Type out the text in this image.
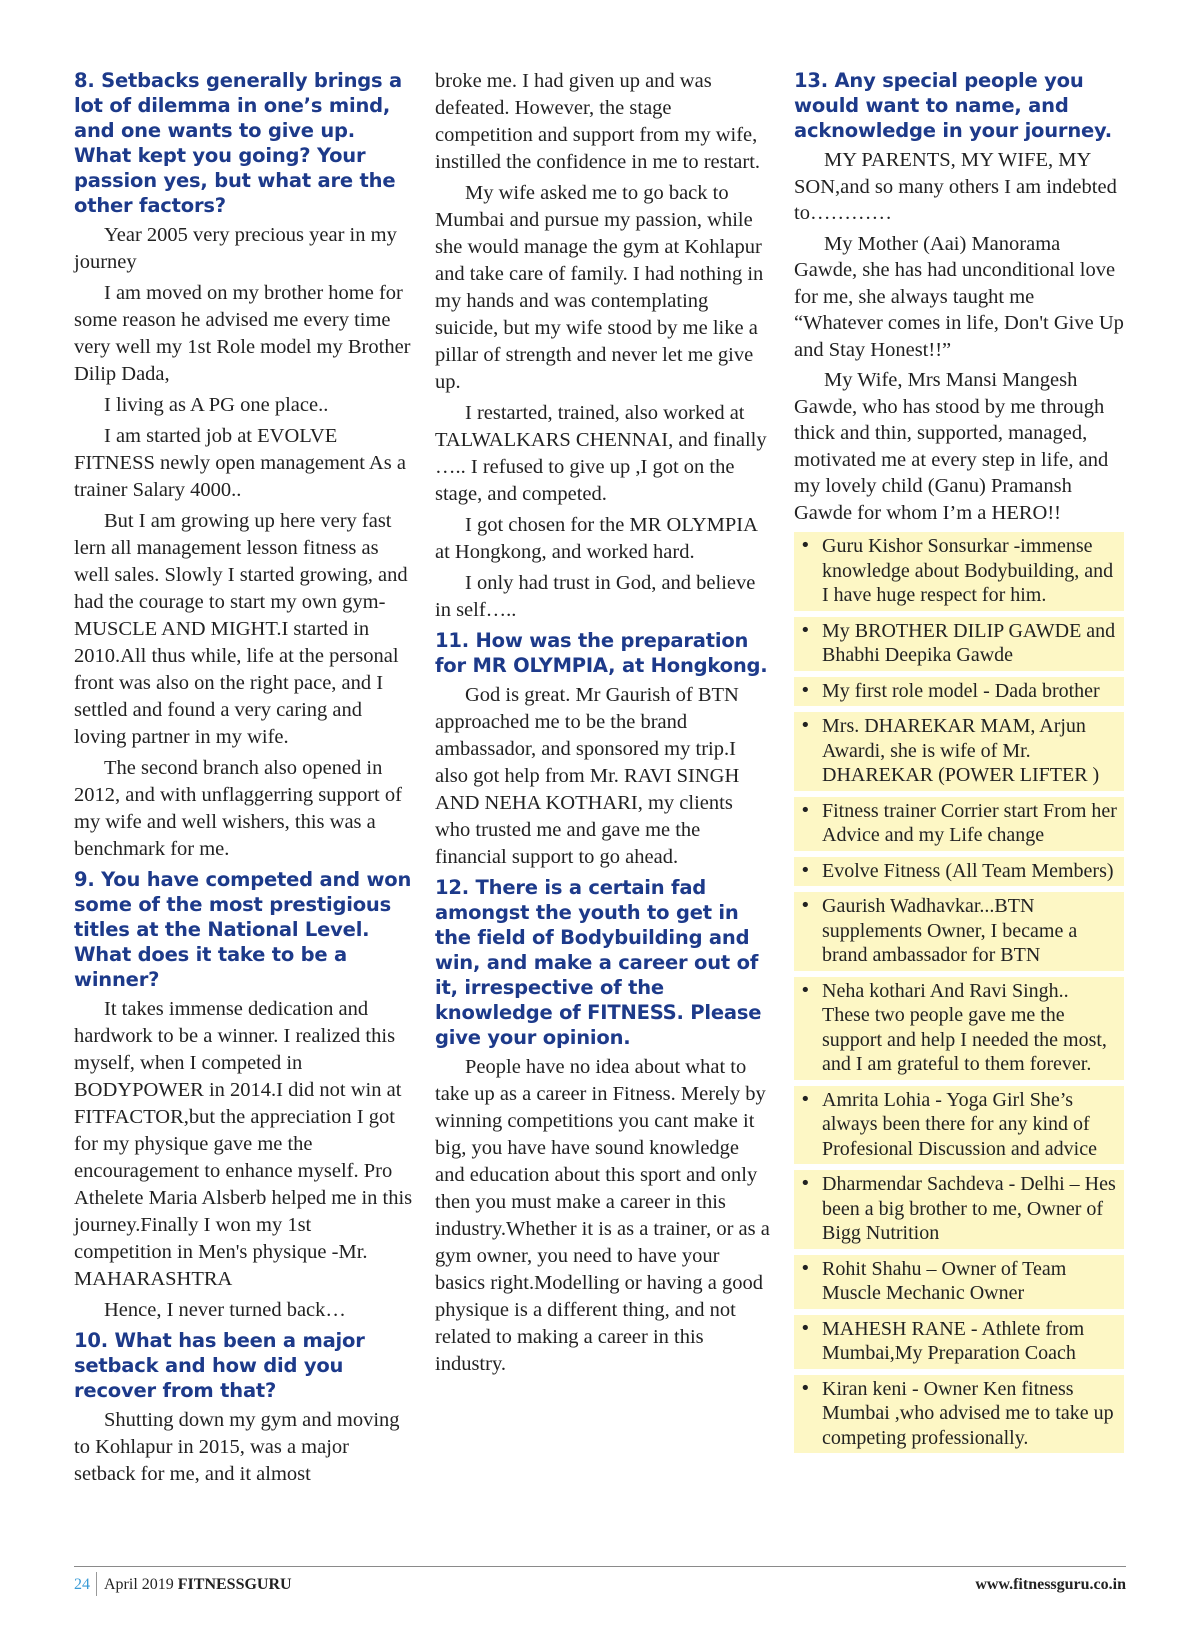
8. Setbacks generally brings a lot of dilemma in one’s mind, and one wants to give up. What kept you going? Your passion yes, but what are the other factors?

Year 2005 very precious year in my journey

I am moved on my brother home for some reason he advised me every time very well my 1st Role model my Brother Dilip Dada,

I living as A PG one place..

I am started job at EVOLVE FITNESS newly open management As a trainer Salary 4000..

But I am growing up here very fast lern all management lesson fitness as well sales. Slowly I started growing, and had the courage to start my own gym-MUSCLE AND MIGHT.I started in 2010.All thus while, life at the personal front was also on the right pace, and I settled and found a very caring and loving partner in my wife.

The second branch also opened in 2012, and with unflaggerring support of my wife and well wishers, this was a benchmark for me.

9. You have competed and won some of the most prestigious titles at the National Level. What does it take to be a winner?

It takes immense dedication and hardwork to be a winner. I realized this myself, when I competed in BODYPOWER in 2014.I did not win at FITFACTOR,but the appreciation I got for my physique gave me the encouragement to enhance myself. Pro Athelete Maria Alsberb helped me in this journey.Finally I won my 1st competition in Men's physique -Mr. MAHARASHTRA

Hence, I never turned back…

10. What has been a major setback and how did you recover from that?

Shutting down my gym and moving to Kohlapur in 2015, was a major setback for me, and it almost

broke me. I had given up and was defeated. However, the stage competition and support from my wife, instilled the confidence in me to restart.

My wife asked me to go back to Mumbai and pursue my passion, while she would manage the gym at Kohlapur and take care of family. I had nothing in my hands and was contemplating suicide, but my wife stood by me like a pillar of strength and never let me give up.

I restarted, trained, also worked at TALWALKARS CHENNAI, and finally ….. I refused to give up ,I got on the stage, and competed.

I got chosen for the MR OLYMPIA at Hongkong, and worked hard.

I only had trust in God, and believe in self…..

11. How was the preparation for MR OLYMPIA, at Hongkong.

God is great. Mr Gaurish of BTN approached me to be the brand ambassador, and sponsored my trip.I also got help from Mr. RAVI SINGH AND NEHA KOTHARI, my clients who trusted me and gave me the financial support to go ahead.

12. There is a certain fad amongst the youth to get in the field of Bodybuilding and win, and make a career out of it, irrespective of the knowledge of FITNESS. Please give your opinion.

People have no idea about what to take up as a career in Fitness. Merely by winning competitions you cant make it big, you have have sound knowledge and education about this sport and only then you must make a career in this industry.Whether it is as a trainer, or as a gym owner, you need to have your basics right.Modelling or having a good physique is a different thing, and not related to making a career in this industry.

13. Any special people you would want to name, and acknowledge in your journey.

MY PARENTS, MY WIFE, MY SON,and so many others I am indebted to…………

My Mother (Aai) Manorama Gawde, she has had unconditional love for me, she always taught me “Whatever comes in life, Don't Give Up and Stay Honest!!”

My Wife, Mrs Mansi Mangesh Gawde, who has stood by me through thick and thin, supported, managed, motivated me at every step in life, and my lovely child (Ganu) Pramansh Gawde for whom I’m a HERO!!

• Guru Kishor Sonsurkar -immense knowledge about Bodybuilding, and I have huge respect for him.
• My BROTHER DILIP GAWDE and Bhabhi Deepika Gawde
• My first role model - Dada brother
• Mrs. DHAREKAR MAM, Arjun Awardi, she is wife of Mr. DHAREKAR (POWER LIFTER )
• Fitness trainer Corrier start From her Advice and my Life change
• Evolve Fitness (All Team Members)
• Gaurish Wadhavkar...BTN supplements Owner, I became a brand ambassador for BTN
• Neha kothari And Ravi Singh.. These two people gave me the support and help I needed the most, and I am grateful to them forever.
• Amrita Lohia - Yoga Girl She’s always been there for any kind of Profesional Discussion and advice
• Dharmendar Sachdeva - Delhi – Hes been a big brother to me, Owner of Bigg Nutrition
• Rohit Shahu – Owner of Team Muscle Mechanic Owner
• MAHESH RANE - Athlete from Mumbai,My Preparation Coach
• Kiran keni - Owner Ken fitness Mumbai ,who advised me to take up competing professionally.
24 April 2019 FITNESSGURU	www.fitnessguru.co.in
